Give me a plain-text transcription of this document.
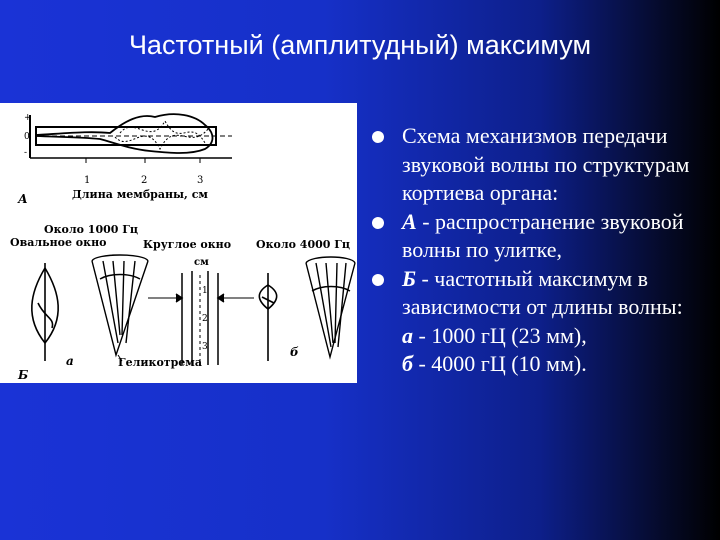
Частотный (амплитудный) максимум
+
0
-
1	2	3
Длина мембраны, см
А
Около 1000 Гц
Овальное окно	Круглое окно Около 4000 Гц
см
1
2
3
Геликотрема
а
б
Б
Схема механизмов передачи звуковой волны по структурам кортиева органа:
А - распространение звуковой волны по улитке,
Б - частотный максимум в зависимости от длины волны:
а - 1000 гЦ (23 мм),
б - 4000 гЦ (10 мм).
